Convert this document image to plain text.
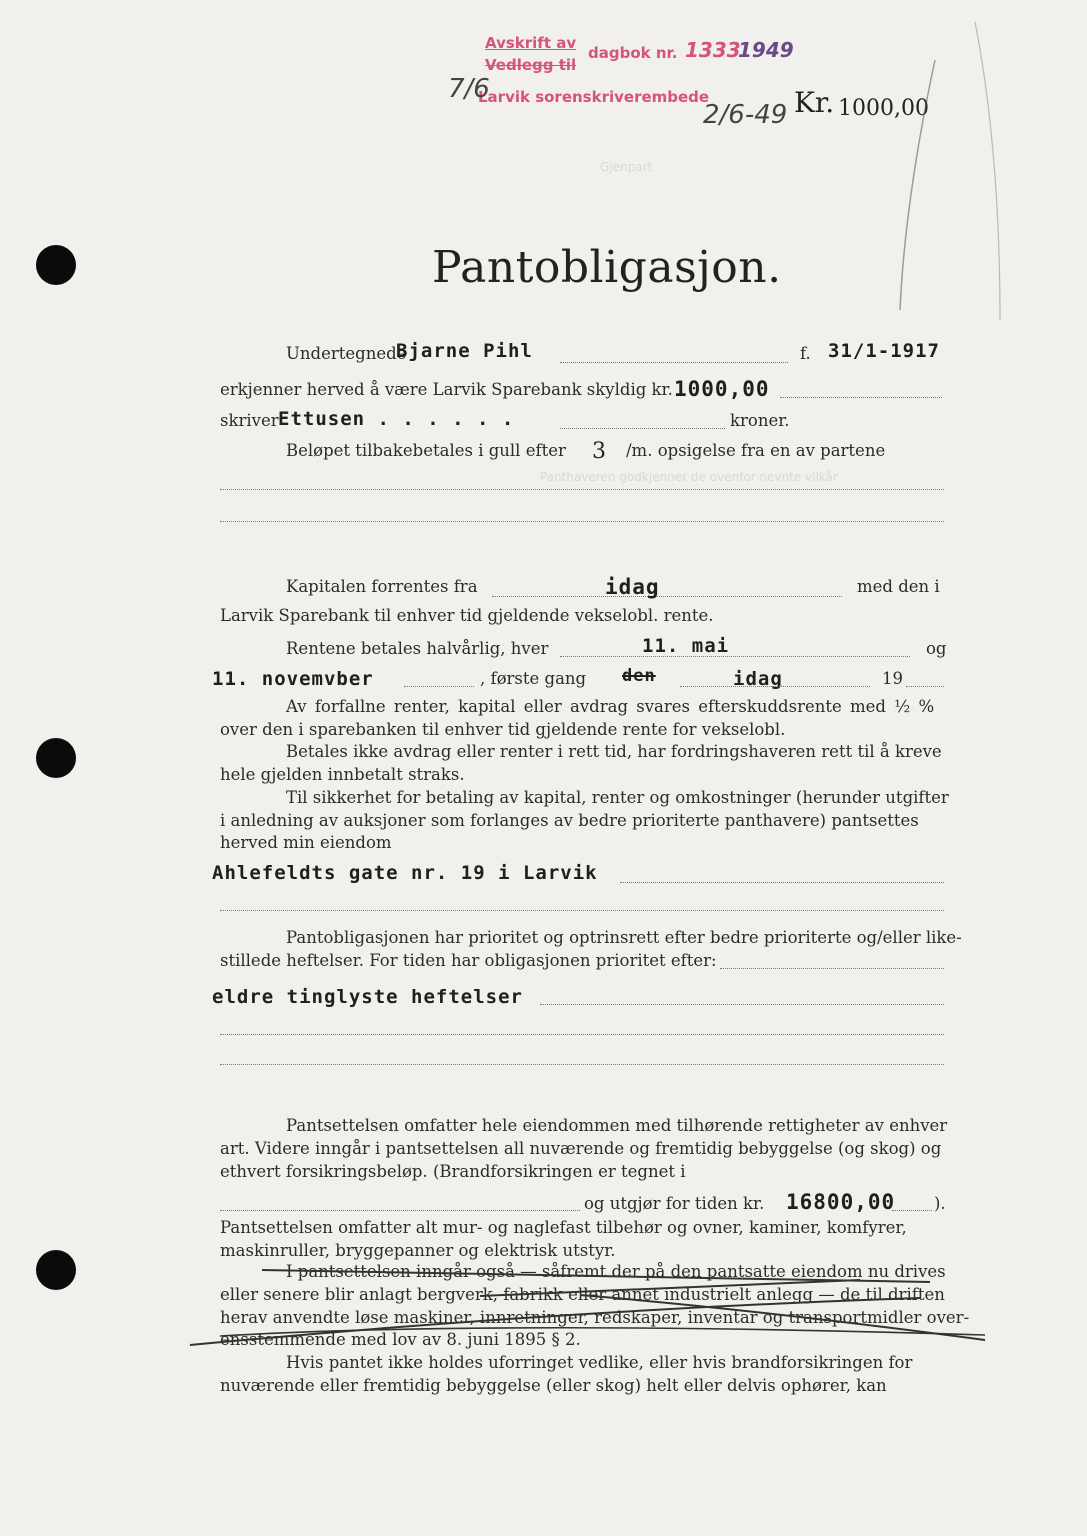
Gjenpart
Panthaveren godkjenner de ovenfor nevnte vilkår
Avskrift av
Vedlegg til
dagbok nr. 1333
1949
Larvik sorenskriverembede
7/6
2/6-49 Kr. 1000,00
Pantobligasjon.
Undertegnede
Bjarne Pihl	f. 31/1-1917
erkjenner herved å være Larvik Sparebank skyldig kr. 1000,00
skriver Ettusen . . . . . .	kroner.
Beløpet tilbakebetales i gull efter 3 /m. opsigelse fra en av partene
Kapitalen forrentes fra	idag	med den i
Larvik Sparebank til enhver tid gjeldende vekselobl. rente.
Rentene betales halvårlig, hver	11. mai	og
11. novemvber	, første gang den	idag	19
Av forfallne renter, kapital eller avdrag svares efterskuddsrente med ½ %
over den i sparebanken til enhver tid gjeldende rente for vekselobl.
Betales ikke avdrag eller renter i rett tid, har fordringshaveren rett til å kreve
hele gjelden innbetalt straks.
Til sikkerhet for betaling av kapital, renter og omkostninger (herunder utgifter
i anledning av auksjoner som forlanges av bedre prioriterte panthavere) pantsettes
herved min eiendom
Ahlefeldts gate nr. 19 i Larvik
Pantobligasjonen har prioritet og optrinsrett efter bedre prioriterte og/eller like-
stillede heftelser. For tiden har obligasjonen prioritet efter:
eldre tinglyste heftelser
Pantsettelsen omfatter hele eiendommen med tilhørende rettigheter av enhver
art. Videre inngår i pantsettelsen all nuværende og fremtidig bebyggelse (og skog) og
ethvert forsikringsbeløp. (Brandforsikringen er tegnet i
og utgjør for tiden kr. 16800,00 ).
Pantsettelsen omfatter alt mur- og naglefast tilbehør og ovner, kaminer, komfyrer,
maskinruller, bryggepanner og elektrisk utstyr.
I pantsettelsen inngår også — såfremt der på den pantsatte eiendom nu drives
eller senere blir anlagt bergverk, fabrikk eller annet industrielt anlegg — de til driften
herav anvendte løse maskiner, innretninger, redskaper, inventar og transportmidler over-
ensstemmende med lov av 8. juni 1895 § 2.
Hvis pantet ikke holdes uforringet vedlike, eller hvis brandforsikringen for
nuværende eller fremtidig bebyggelse (eller skog) helt eller delvis ophører, kan
